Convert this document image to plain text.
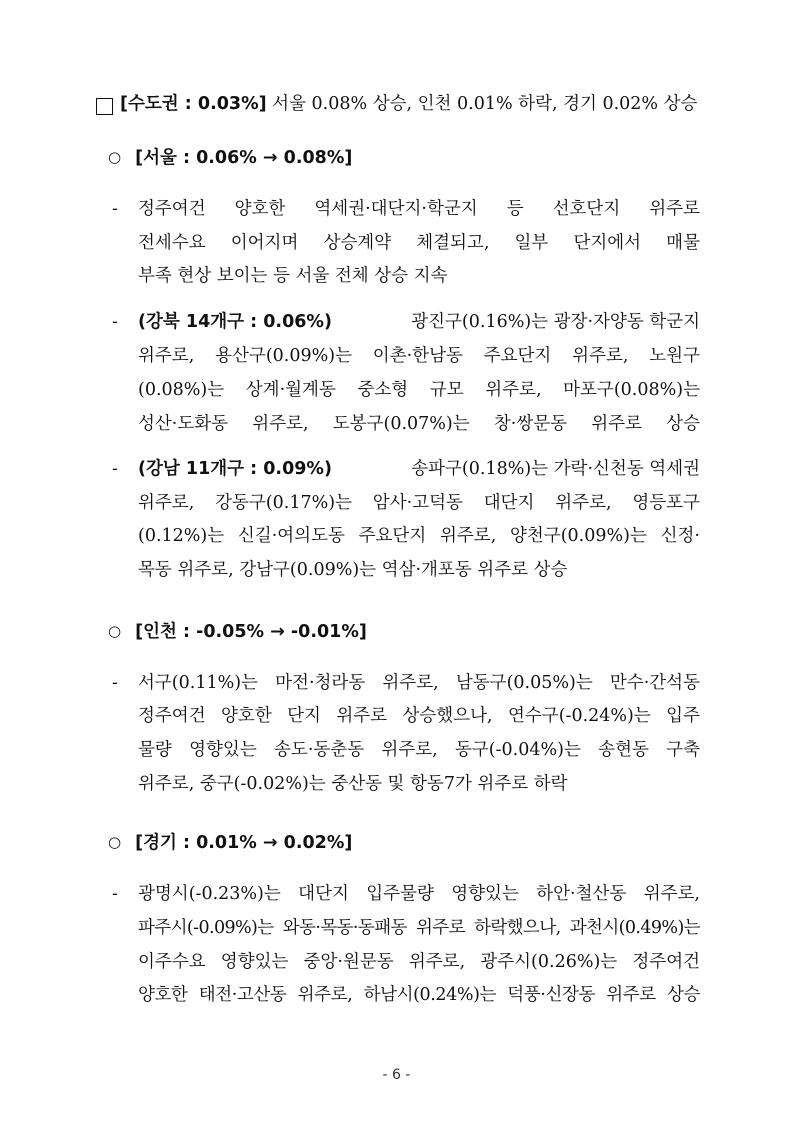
[수도권 : 0.03%] 서울 0.08% 상승, 인천 0.01% 하락, 경기 0.02% 상승
○ [서울 : 0.06% → 0.08%]
- 정주여건 양호한 역세권·대단지·학군지 등 선호단지 위주로
전세수요 이어지며 상승계약 체결되고, 일부 단지에서 매물
부족 현상 보이는 등 서울 전체 상승 지속
- (강북 14개구 : 0.06%)	광진구(0.16%)는 광장·자양동 학군지
위주로, 용산구(0.09%)는 이촌·한남동 주요단지 위주로, 노원구
(0.08%)는 상계·월계동 중소형 규모 위주로, 마포구(0.08%)는
성산·도화동 위주로, 도봉구(0.07%)는 창·쌍문동 위주로 상승
- (강남 11개구 : 0.09%)	송파구(0.18%)는 가락·신천동 역세권
위주로, 강동구(0.17%)는 암사·고덕동 대단지 위주로, 영등포구
(0.12%)는 신길·여의도동 주요단지 위주로, 양천구(0.09%)는 신정·
목동 위주로, 강남구(0.09%)는 역삼·개포동 위주로 상승
○ [인천 : -0.05% → -0.01%]
- 서구(0.11%)는 마전·청라동 위주로, 남동구(0.05%)는 만수·간석동
정주여건 양호한 단지 위주로 상승했으나, 연수구(-0.24%)는 입주
물량 영향있는 송도·동춘동 위주로, 동구(-0.04%)는 송현동 구축
위주로, 중구(-0.02%)는 중산동 및 항동7가 위주로 하락
○ [경기 : 0.01% → 0.02%]
- 광명시(-0.23%)는 대단지 입주물량 영향있는 하안·철산동 위주로,
파주시(-0.09%)는 와동·목동·동패동 위주로 하락했으나, 과천시(0.49%)는
이주수요 영향있는 중앙·원문동 위주로, 광주시(0.26%)는 정주여건
양호한 태전·고산동 위주로, 하남시(0.24%)는 덕풍·신장동 위주로 상승
- 6 -
